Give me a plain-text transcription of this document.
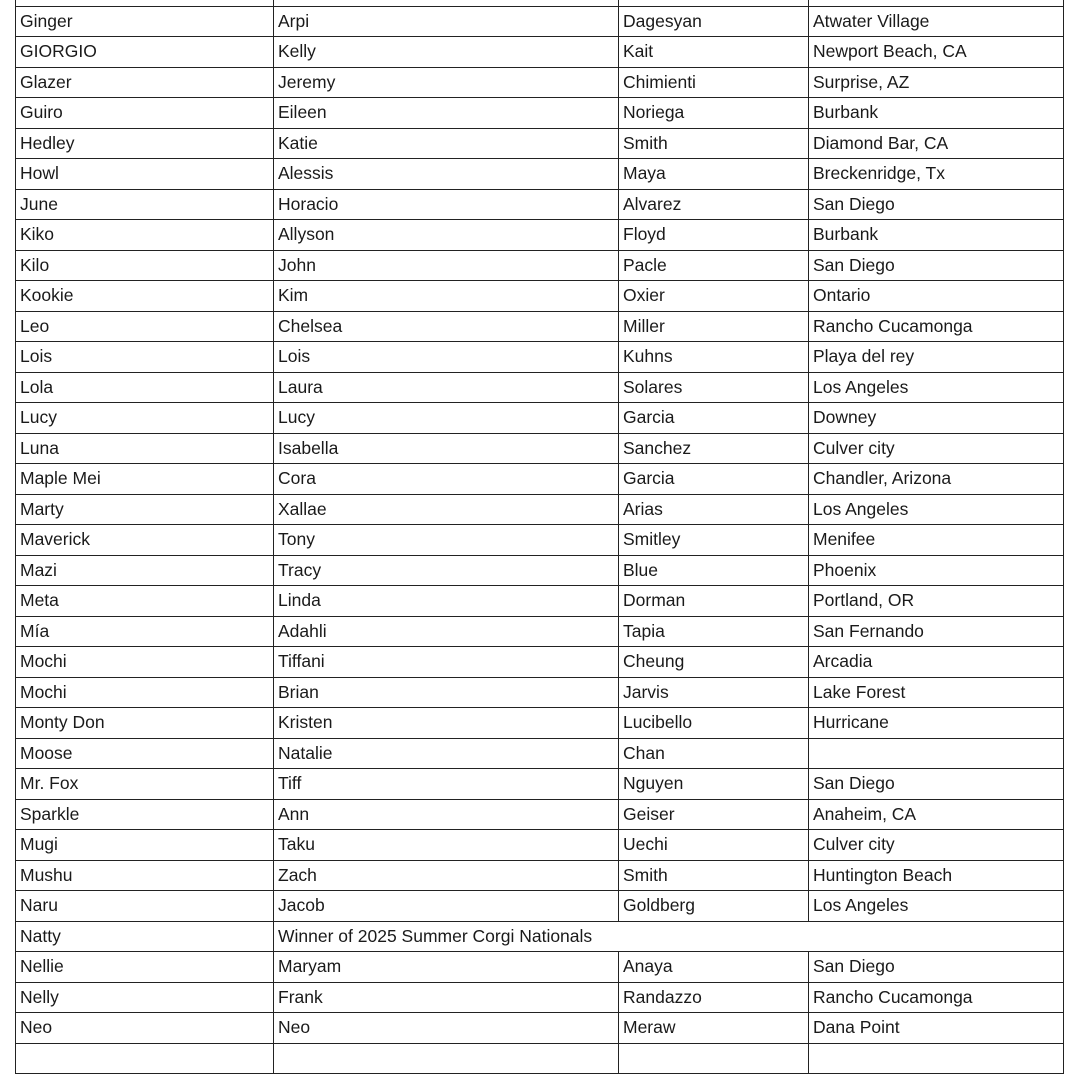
Ginger	Arpi	Dagesyan	Atwater Village
GIORGIO	Kelly	Kait	Newport Beach, CA
Glazer	Jeremy	Chimienti	Surprise, AZ
Guiro	Eileen	Noriega	Burbank
Hedley	Katie	Smith	Diamond Bar, CA
Howl	Alessis	Maya	Breckenridge, Tx
June	Horacio	Alvarez	San Diego
Kiko	Allyson	Floyd	Burbank
Kilo	John	Pacle	San Diego
Kookie	Kim	Oxier	Ontario
Leo	Chelsea	Miller	Rancho Cucamonga
Lois	Lois	Kuhns	Playa del rey
Lola	Laura	Solares	Los Angeles
Lucy	Lucy	Garcia	Downey
Luna	Isabella	Sanchez	Culver city
Maple Mei	Cora	Garcia	Chandler, Arizona
Marty	Xallae	Arias	Los Angeles
Maverick	Tony	Smitley	Menifee
Mazi	Tracy	Blue	Phoenix
Meta	Linda	Dorman	Portland, OR
Mía	Adahli	Tapia	San Fernando
Mochi	Tiffani	Cheung	Arcadia
Mochi	Brian	Jarvis	Lake Forest
Monty Don	Kristen	Lucibello	Hurricane
Moose	Natalie	Chan	
Mr. Fox	Tiff	Nguyen	San Diego
Sparkle	Ann	Geiser	Anaheim, CA
Mugi	Taku	Uechi	Culver city
Mushu	Zach	Smith	Huntington Beach
Naru	Jacob	Goldberg	Los Angeles
Natty	Winner of 2025 Summer Corgi Nationals		
Nellie	Maryam	Anaya	San Diego
Nelly	Frank	Randazzo	Rancho Cucamonga
Neo	Neo	Meraw	Dana Point
